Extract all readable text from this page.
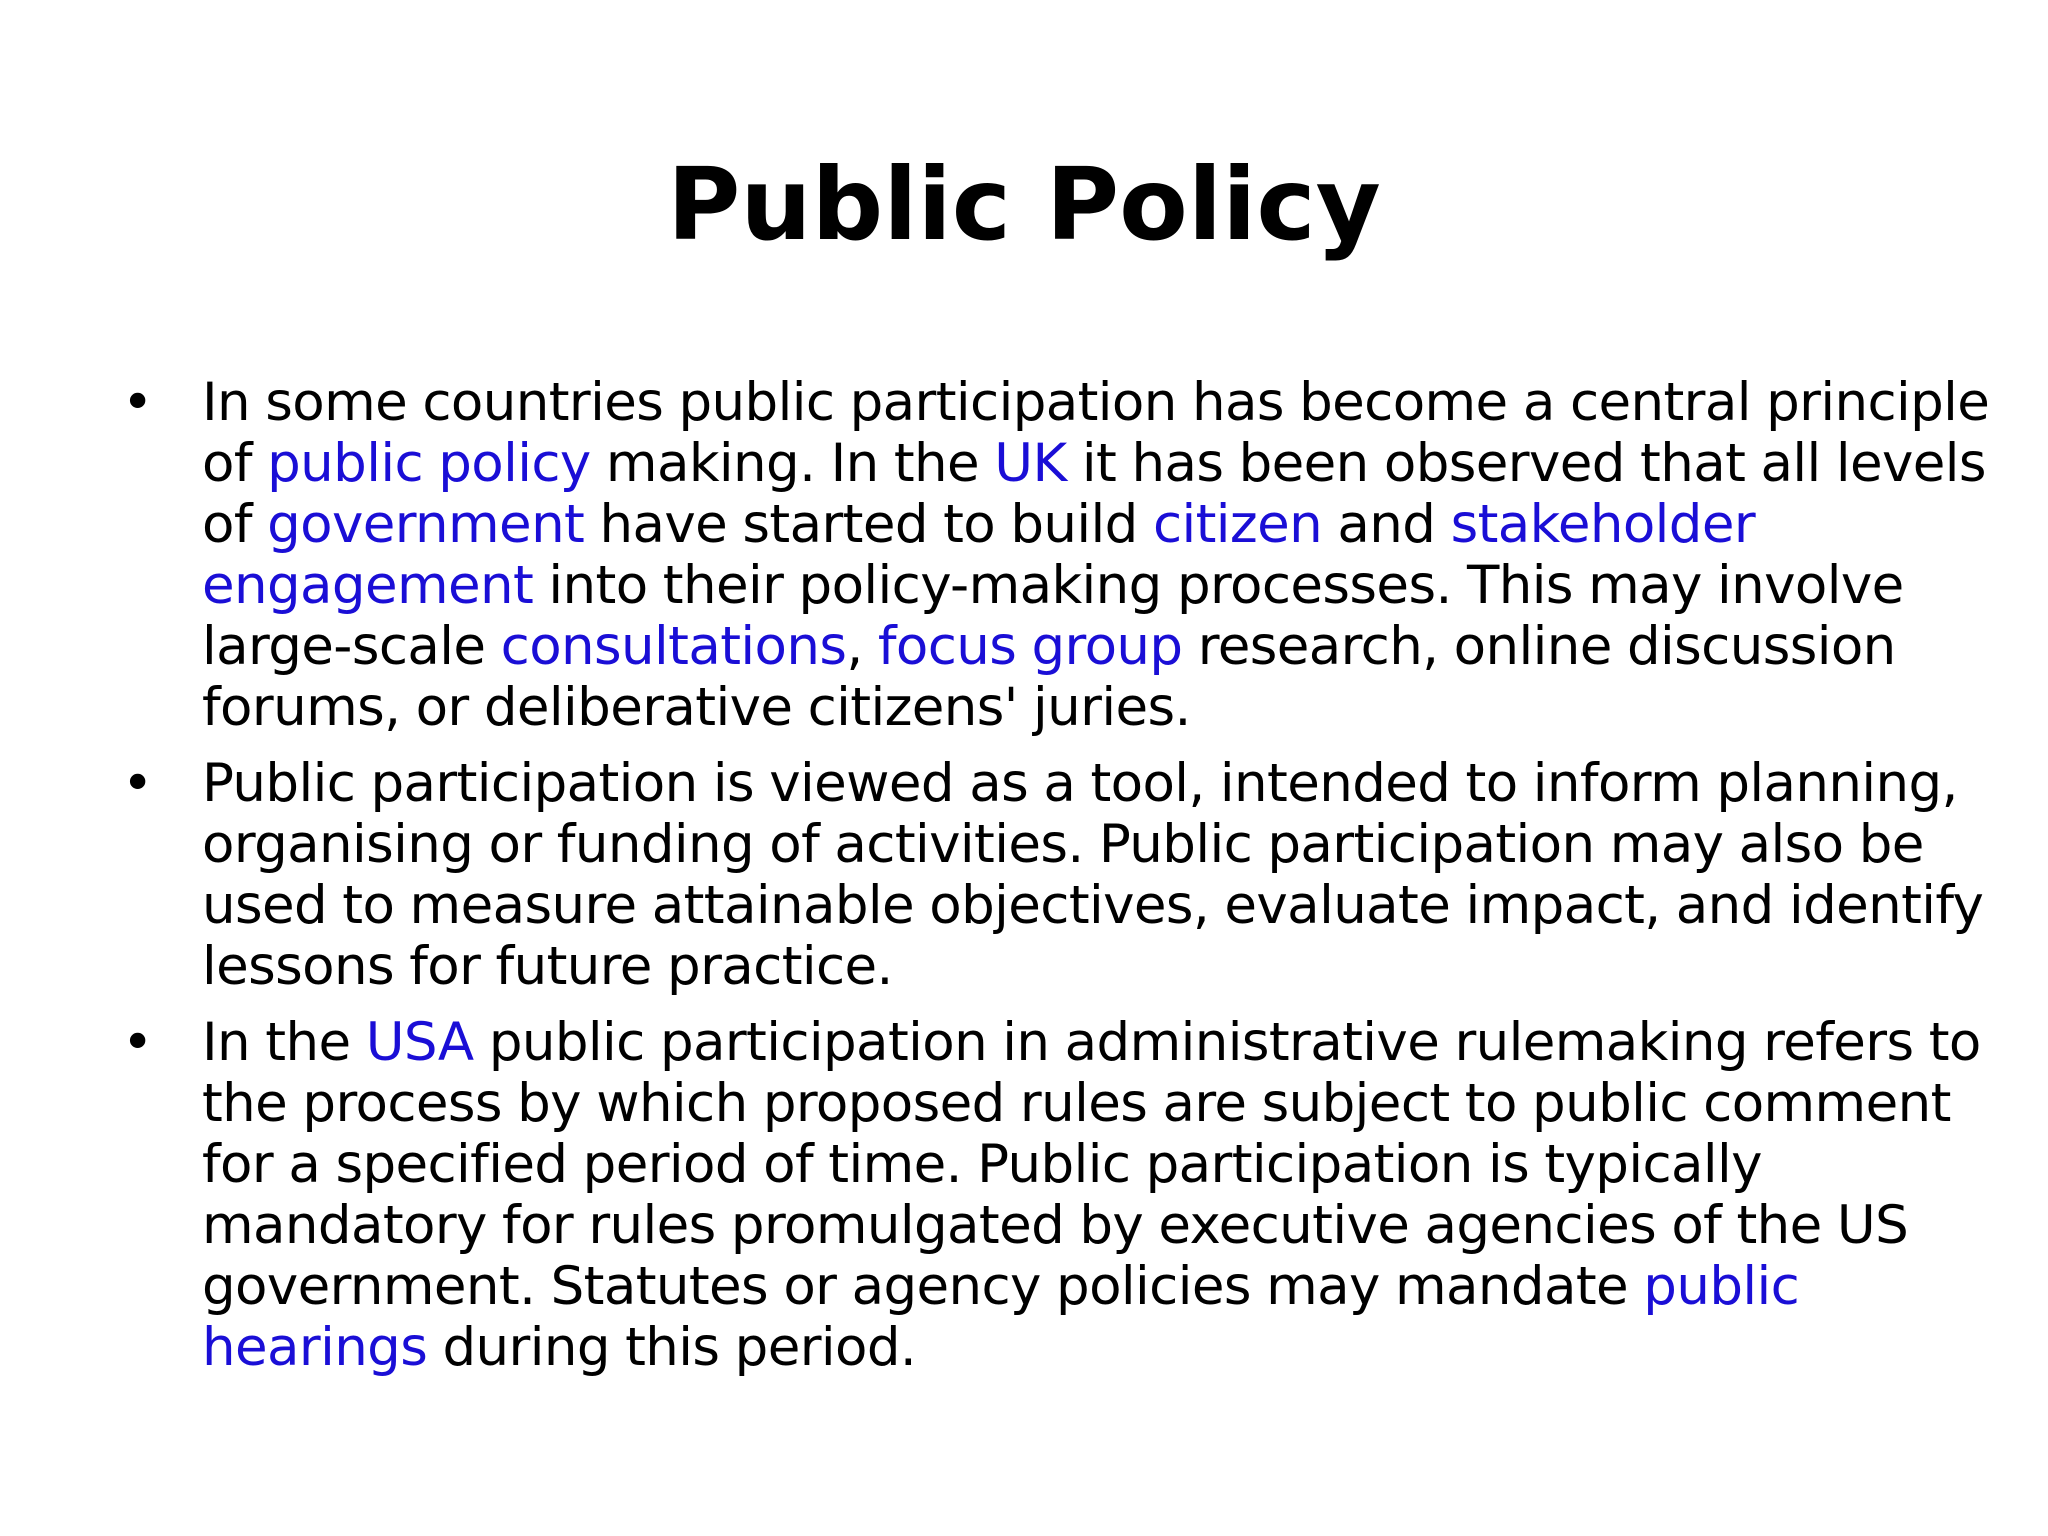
Public Policy
• In some countries public participation has become a central principle of public policy making. In the UK it has been observed that all levels of government have started to build citizen and stakeholder engagement into their policy-making processes. This may involve large-scale consultations, focus group research, online discussion forums, or deliberative citizens' juries.
• Public participation is viewed as a tool, intended to inform planning, organising or funding of activities. Public participation may also be used to measure attainable objectives, evaluate impact, and identify lessons for future practice.
• In the USA public participation in administrative rulemaking refers to the process by which proposed rules are subject to public comment for a specified period of time. Public participation is typically mandatory for rules promulgated by executive agencies of the US government. Statutes or agency policies may mandate public hearings during this period.
